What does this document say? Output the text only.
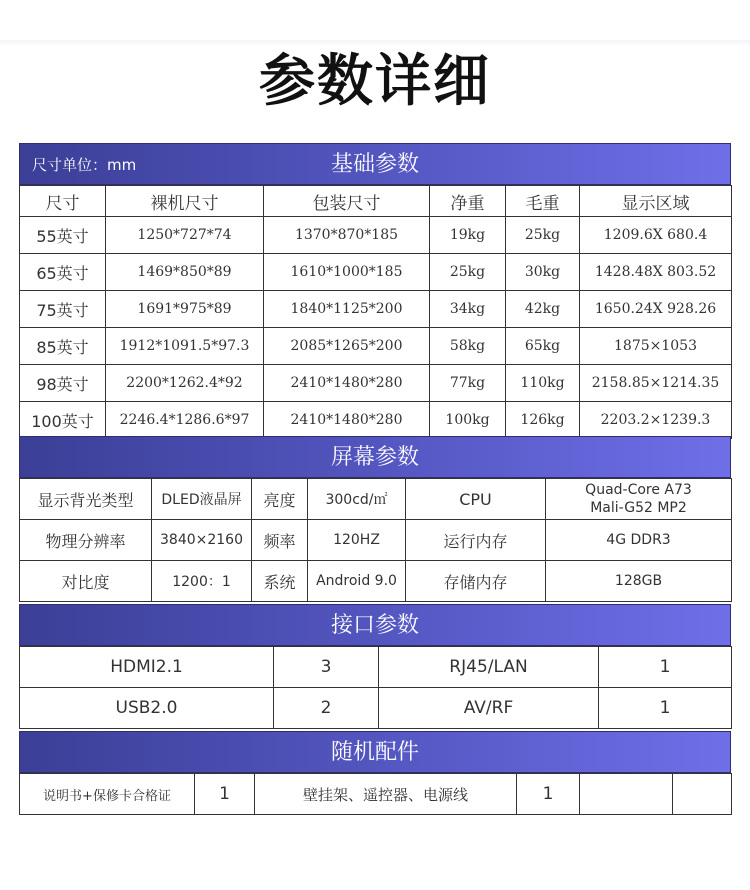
参数详细
尺寸单位：mm	基础参数
尺寸	裸机尺寸	包装尺寸	净重	毛重	显示区域
55英寸	1250*727*74	1370*870*185	19kg	25kg	1209.6X 680.4
65英寸	1469*850*89	1610*1000*185	25kg	30kg	1428.48X 803.52
75英寸	1691*975*89	1840*1125*200	34kg	42kg	1650.24X 928.26
85英寸	1912*1091.5*97.3	2085*1265*200	58kg	65kg	1875×1053
98英寸	2200*1262.4*92	2410*1480*280	77kg	110kg	2158.85×1214.35
100英寸	2246.4*1286.6*97	2410*1480*280	100kg	126kg	2203.2×1239.3
屏幕参数
显示背光类型	DLED液晶屏	亮度	300cd/㎡	CPU	Quad-Core A73
Mali-G52 MP2
物理分辨率	3840×2160	频率	120HZ	运行内存	4G DDR3
对比度	1200：1	系统	Android 9.0	存储内存	128GB
接口参数
HDMI2.1	3	RJ45/LAN	1
USB2.0	2	AV/RF	1
随机配件
说明书+保修卡合格证	1	壁挂架、遥控器、电源线	1		
